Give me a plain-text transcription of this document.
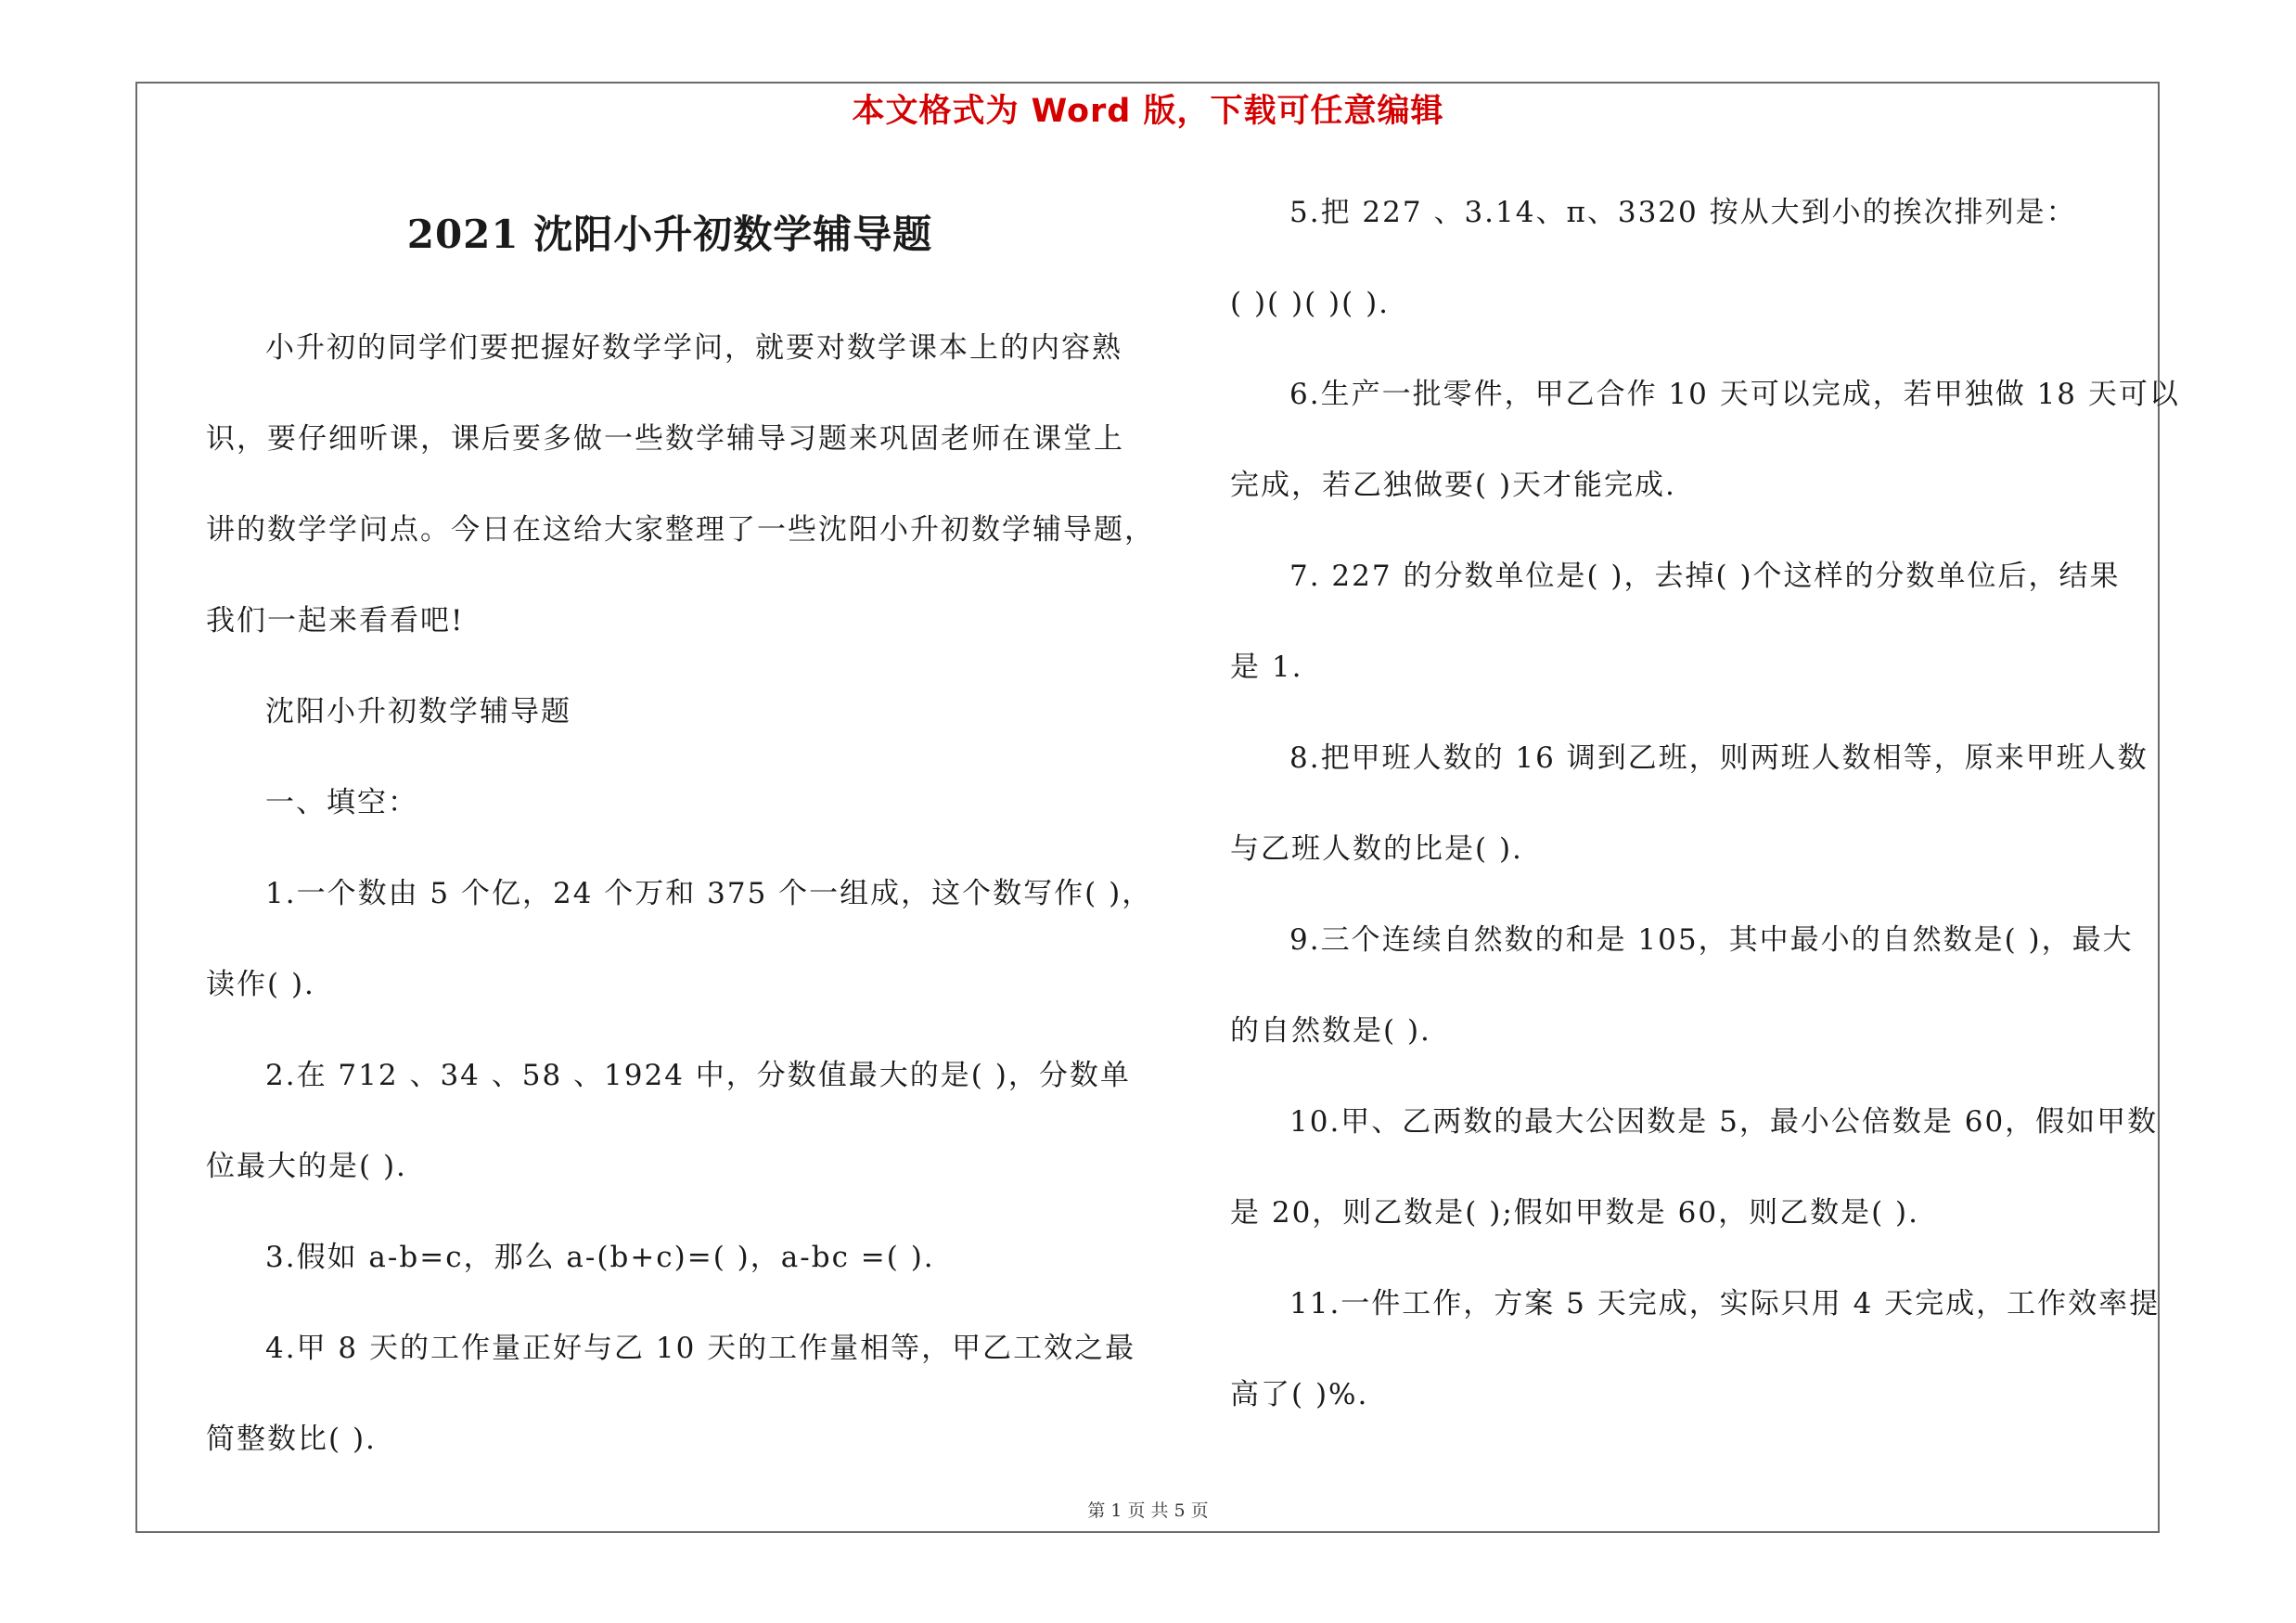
本文格式为 Word 版，下载可任意编辑
2021 沈阳小升初数学辅导题
小升初的同学们要把握好数学学问，就要对数学课本上的内容熟
识，要仔细听课，课后要多做一些数学辅导习题来巩固老师在课堂上
讲的数学学问点。今日在这给大家整理了一些沈阳小升初数学辅导题，
我们一起来看看吧!
沈阳小升初数学辅导题
一、填空：
1.一个数由 5 个亿，24 个万和 375 个一组成，这个数写作( )，
读作( ).
2.在 712 、34 、58 、1924 中，分数值最大的是( )，分数单
位最大的是( ).
3.假如 a-b=c，那么 a-(b+c)=( )，a-bc =( ).
4.甲 8 天的工作量正好与乙 10 天的工作量相等，甲乙工效之最
简整数比( ).
5.把 227 、3.14、π、3320 按从大到小的挨次排列是：
( )( )( )( ).
6.生产一批零件，甲乙合作 10 天可以完成，若甲独做 18 天可以
完成，若乙独做要( )天才能完成.
7. 227 的分数单位是( )，去掉( )个这样的分数单位后，结果
是 1.
8.把甲班人数的 16 调到乙班，则两班人数相等，原来甲班人数
与乙班人数的比是( ).
9.三个连续自然数的和是 105，其中最小的自然数是( )，最大
的自然数是( ).
10.甲、乙两数的最大公因数是 5，最小公倍数是 60，假如甲数
是 20，则乙数是( );假如甲数是 60，则乙数是( ).
11.一件工作，方案 5 天完成，实际只用 4 天完成，工作效率提
高了( )%.
第 1 页 共 5 页
